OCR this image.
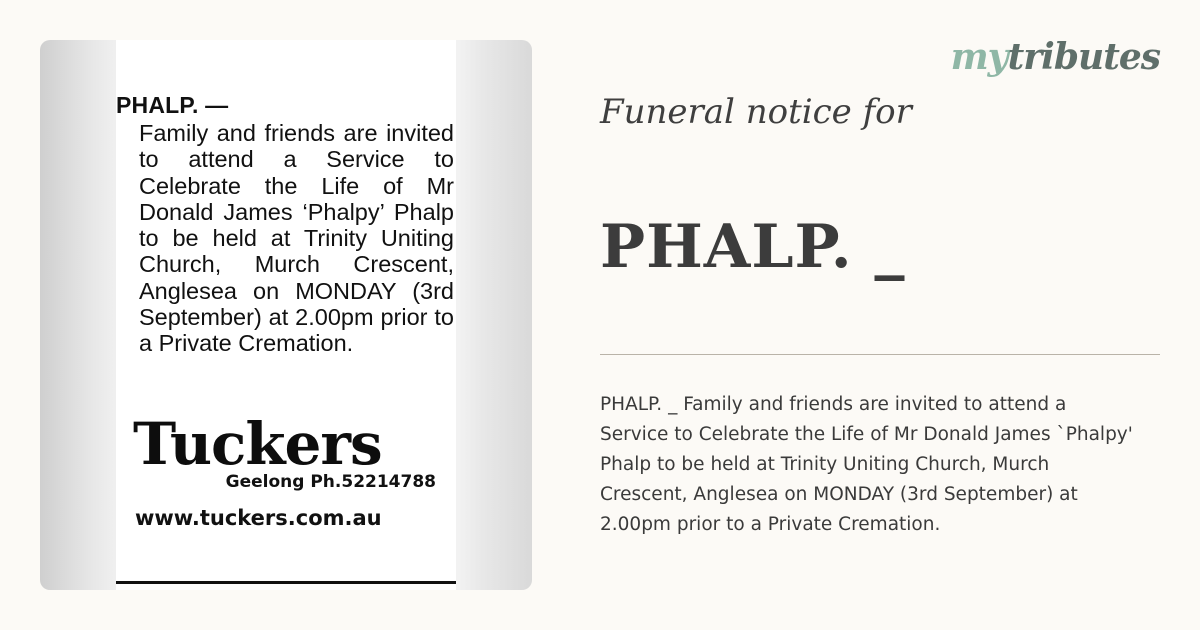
PHALP. —
Family and friends are invited to attend a Service to Celebrate the Life of Mr Donald James ‘Phalpy’ Phalp to be held at Trinity Uniting Church, Murch Crescent, Anglesea on MONDAY (3rd September) at 2.00pm prior to a Private Cremation.
Tuckers
Geelong Ph.52214788
www.tuckers.com.au
mytributes
Funeral notice for
PHALP. _
PHALP. _ Family and friends are invited to attend a Service to Celebrate the Life of Mr Donald James `Phalpy' Phalp to be held at Trinity Uniting Church, Murch Crescent, Anglesea on MONDAY (3rd September) at 2.00pm prior to a Private Cremation.
